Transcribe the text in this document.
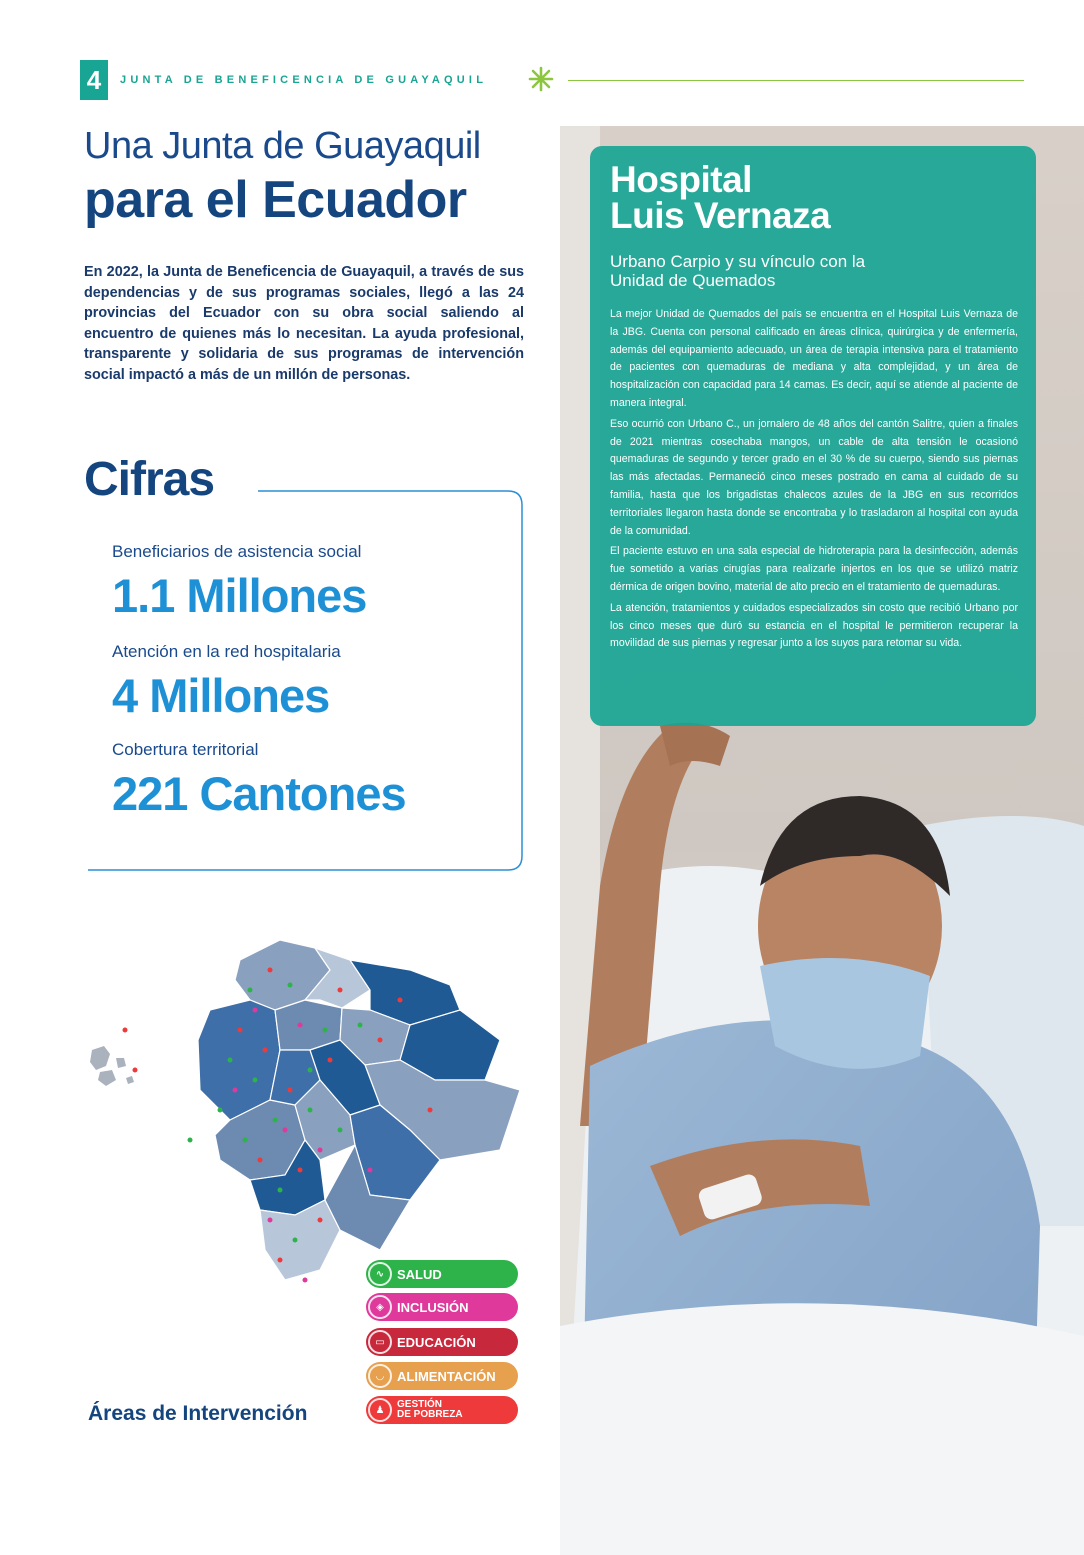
4	JUNTA DE BENEFICENCIA DE GUAYAQUIL
Una Junta de Guayaquil
para el Ecuador
En 2022, la Junta de Beneficencia de Guayaquil, a través de sus dependencias y de sus programas sociales, llegó a las 24 provincias del Ecuador con su obra social saliendo al encuentro de quienes más lo necesitan. La ayuda profesional, transparente y solidaria de sus programas de intervención social impactó a más de un millón de personas.
Cifras
Beneficiarios de asistencia social
1.1 Millones
Atención en la red hospitalaria
4 Millones
Cobertura territorial
221 Cantones
∿ SALUD
◈	INCLUSIÓN
▭ EDUCACIÓN
◡	ALIMENTACIÓN
♟	GESTIÓN
DE POBREZA
Áreas de Intervención
Hospital
Luis Vernaza
Urbano Carpio y su vínculo con la
Unidad de Quemados

La mejor Unidad de Quemados del país se encuentra en el Hospital Luis Vernaza de la JBG. Cuenta con personal calificado en áreas clínica, quirúrgica y de enfermería, además del equipamiento adecuado, un área de terapia intensiva para el tratamiento de pacientes con quemaduras de mediana y alta complejidad, y un área de hospitalización con capacidad para 14 camas. Es decir, aquí se atiende al paciente de manera integral.

Eso ocurrió con Urbano C., un jornalero de 48 años del cantón Salitre, quien a finales de 2021 mientras cosechaba mangos, un cable de alta tensión le ocasionó quemaduras de segundo y tercer grado en el 30 % de su cuerpo, siendo sus piernas las más afectadas. Permaneció cinco meses postrado en cama al cuidado de su familia, hasta que los brigadistas chalecos azules de la JBG en sus recorridos territoriales llegaron hasta donde se encontraba y lo trasladaron al hospital con ayuda de la comunidad.

El paciente estuvo en una sala especial de hidroterapia para la desinfección, además fue sometido a varias cirugías para realizarle injertos en los que se utilizó matriz dérmica de origen bovino, material de alto precio en el tratamiento de quemaduras.

La atención, tratamientos y cuidados especializados sin costo que recibió Urbano por los cinco meses que duró su estancia en el hospital le permitieron recuperar la movilidad de sus piernas y regresar junto a los suyos para retomar su vida.
